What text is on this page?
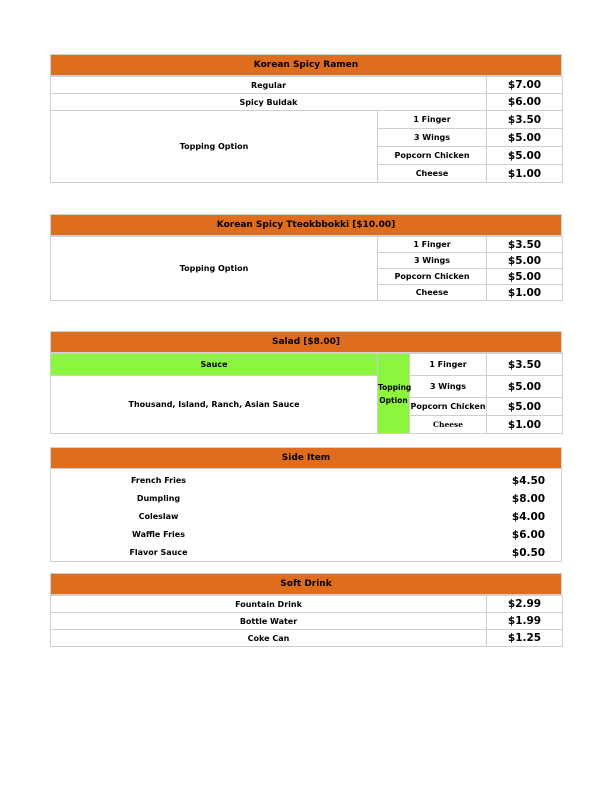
Korean Spicy Ramen
Regular		$7.00
Spicy Buldak		$6.00
Topping Option	1 Finger	$3.50
	3 Wings	$5.00
	Popcorn Chicken	$5.00
	Cheese	$1.00
Korean Spicy Tteokbbokki [$10.00]
Topping Option	1 Finger	$3.50
	3 Wings	$5.00
	Popcorn Chicken	$5.00
	Cheese	$1.00
Salad [$8.00]
Sauce	Topping Option	1 Finger	$3.50
Thousand, Island, Ranch, Asian Sauce		3 Wings	$5.00
		Popcorn Chicken	$5.00
		Cheese	$1.00
Side Item
French Fries	$4.50
Dumpling	$8.00
Coleslaw	$4.00
Waffle Fries	$6.00
Flavor Sauce	$0.50
Soft Drink
Fountain Drink	$2.99
Bottle Water	$1.99
Coke Can	$1.25
